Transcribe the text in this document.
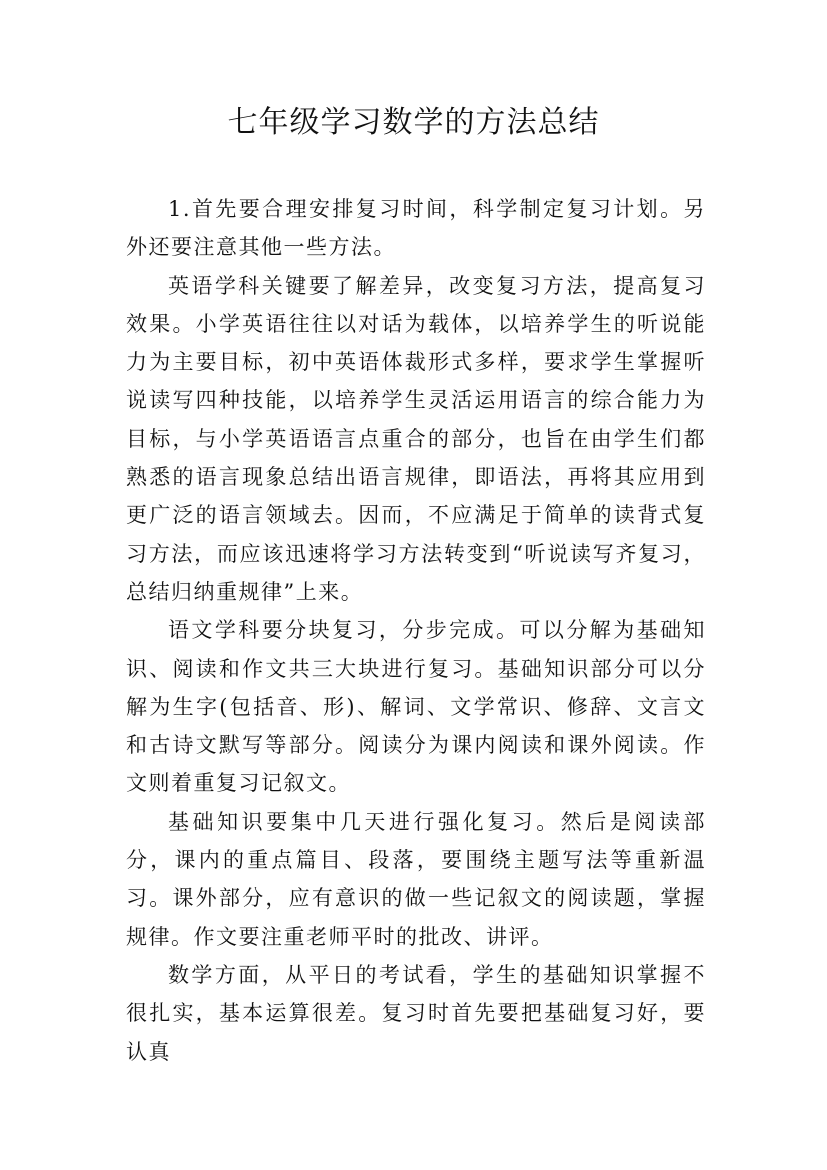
七年级学习数学的方法总结

1.首先要合理安排复习时间，科学制定复习计划。另外还要注意其他一些方法。

英语学科关键要了解差异，改变复习方法，提高复习效果。小学英语往往以对话为载体，以培养学生的听说能力为主要目标，初中英语体裁形式多样，要求学生掌握听说读写四种技能，以培养学生灵活运用语言的综合能力为目标，与小学英语语言点重合的部分，也旨在由学生们都熟悉的语言现象总结出语言规律，即语法，再将其应用到更广泛的语言领域去。因而，不应满足于简单的读背式复习方法，而应该迅速将学习方法转变到“听说读写齐复习，总结归纳重规律”上来。

语文学科要分块复习，分步完成。可以分解为基础知识、阅读和作文共三大块进行复习。基础知识部分可以分解为生字(包括音、形)、解词、文学常识、修辞、文言文和古诗文默写等部分。阅读分为课内阅读和课外阅读。作文则着重复习记叙文。

基础知识要集中几天进行强化复习。然后是阅读部分，课内的重点篇目、段落，要围绕主题写法等重新温习。课外部分，应有意识的做一些记叙文的阅读题，掌握规律。作文要注重老师平时的批改、讲评。

数学方面，从平日的考试看，学生的基础知识掌握不很扎实，基本运算很差。复习时首先要把基础复习好，要认真
